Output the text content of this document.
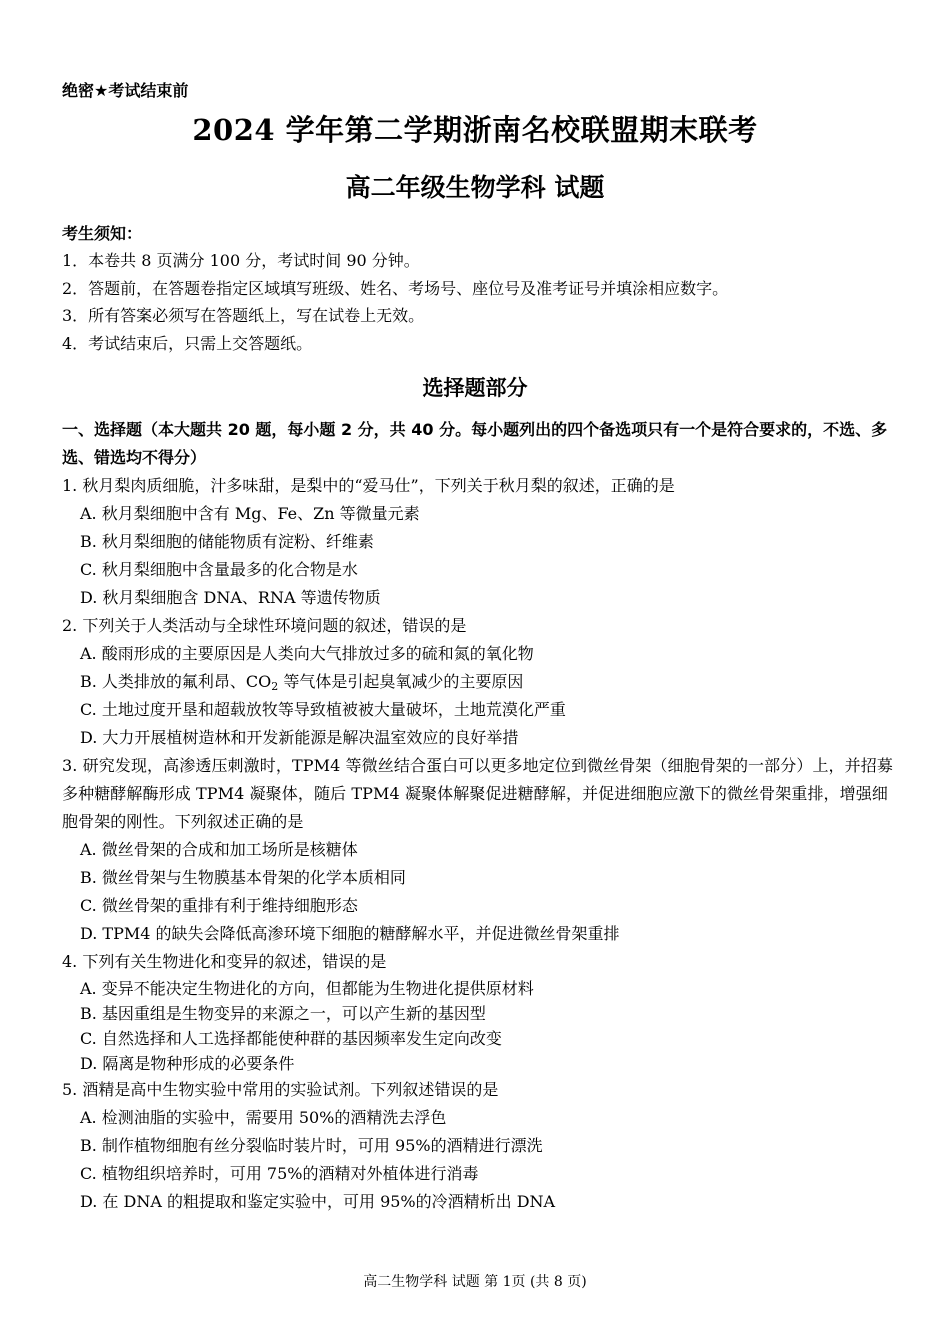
绝密★考试结束前
2024 学年第二学期浙南名校联盟期末联考
高二年级生物学科 试题
考生须知：
1．本卷共 8 页满分 100 分，考试时间 90 分钟。
2．答题前，在答题卷指定区域填写班级、姓名、考场号、座位号及准考证号并填涂相应数字。
3．所有答案必须写在答题纸上，写在试卷上无效。
4．考试结束后，只需上交答题纸。
选择题部分
一、选择题（本大题共 20 题，每小题 2 分，共 40 分。每小题列出的四个备选项只有一个是符合要求的，不选、多选、错选均不得分）
1. 秋月梨肉质细脆，汁多味甜，是梨中的“爱马仕”，下列关于秋月梨的叙述，正确的是
A. 秋月梨细胞中含有 Mg、Fe、Zn 等微量元素
B. 秋月梨细胞的储能物质有淀粉、纤维素
C. 秋月梨细胞中含量最多的化合物是水
D. 秋月梨细胞含 DNA、RNA 等遗传物质
2. 下列关于人类活动与全球性环境问题的叙述，错误的是
A. 酸雨形成的主要原因是人类向大气排放过多的硫和氮的氧化物
B. 人类排放的氟利昂、$CO_2$ 等气体是引起臭氧减少的主要原因
C. 土地过度开垦和超载放牧等导致植被被大量破坏，土地荒漠化严重
D. 大力开展植树造林和开发新能源是解决温室效应的良好举措
3. 研究发现，高渗透压刺激时，TPM4 等微丝结合蛋白可以更多地定位到微丝骨架（细胞骨架的一部分）上，并招募多种糖酵解酶形成 TPM4 凝聚体，随后 TPM4 凝聚体解聚促进糖酵解，并促进细胞应激下的微丝骨架重排，增强细胞骨架的刚性。下列叙述正确的是
A. 微丝骨架的合成和加工场所是核糖体
B. 微丝骨架与生物膜基本骨架的化学本质相同
C. 微丝骨架的重排有利于维持细胞形态
D. TPM4 的缺失会降低高渗环境下细胞的糖酵解水平，并促进微丝骨架重排
4. 下列有关生物进化和变异的叙述，错误的是
A. 变异不能决定生物进化的方向，但都能为生物进化提供原材料
B. 基因重组是生物变异的来源之一，可以产生新的基因型
C. 自然选择和人工选择都能使种群的基因频率发生定向改变
D. 隔离是物种形成的必要条件
5. 酒精是高中生物实验中常用的实验试剂。下列叙述错误的是
A. 检测油脂的实验中，需要用 50%的酒精洗去浮色
B. 制作植物细胞有丝分裂临时装片时，可用 95%的酒精进行漂洗
C. 植物组织培养时，可用 75%的酒精对外植体进行消毒
D. 在 DNA 的粗提取和鉴定实验中，可用 95%的冷酒精析出 DNA
高二生物学科 试题 第 1页 (共 8 页)
